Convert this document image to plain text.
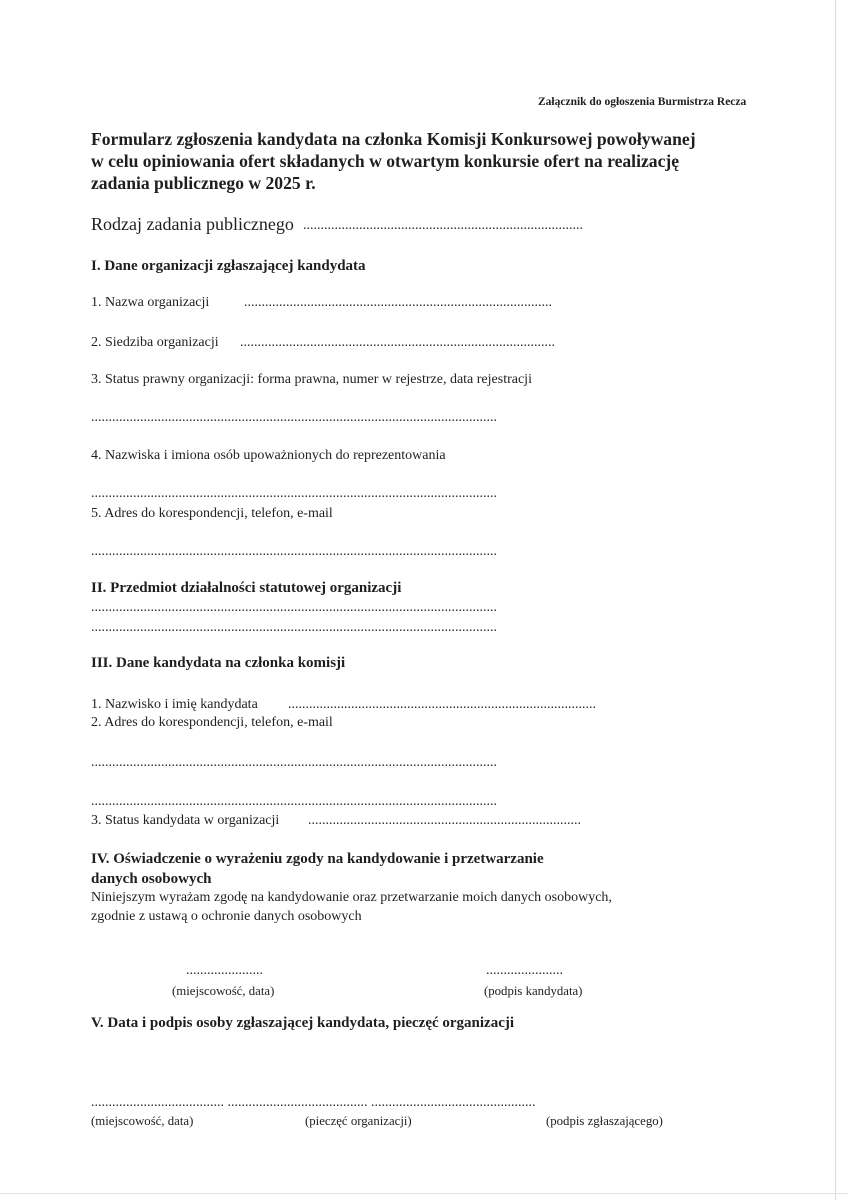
Załącznik do ogłoszenia Burmistrza Recza
Formularz zgłoszenia kandydata na członka Komisji Konkursowej powoływanej
w celu opiniowania ofert składanych w otwartym konkursie ofert na realizację
zadania publicznego w 2025 r.
Rodzaj zadania publicznego ................................................................................
I. Dane organizacji zgłaszającej kandydata
1. Nazwa organizacji ........................................................................................
2. Siedziba organizacji ..........................................................................................
3. Status prawny organizacji: forma prawna, numer w rejestrze, data rejestracji
....................................................................................................................
4. Nazwiska i imiona osób upoważnionych do reprezentowania
....................................................................................................................
5. Adres do korespondencji, telefon, e-mail
....................................................................................................................
II. Przedmiot działalności statutowej organizacji
....................................................................................................................
....................................................................................................................
III. Dane kandydata na członka komisji
1. Nazwisko i imię kandydata ........................................................................................
2. Adres do korespondencji, telefon, e-mail
....................................................................................................................
....................................................................................................................
3. Status kandydata w organizacji ..............................................................................
IV. Oświadczenie o wyrażeniu zgody na kandydowanie i przetwarzanie
danych osobowych
Niniejszym wyrażam zgodę na kandydowanie oraz przetwarzanie moich danych osobowych,
zgodnie z ustawą o ochronie danych osobowych
......................	......................
(miejscowość, data)	(podpis kandydata)
V. Data i podpis osoby zgłaszającej kandydata, pieczęć organizacji
...................................... ........................................ ...............................................
(miejscowość, data)	(pieczęć organizacji)	(podpis zgłaszającego)
